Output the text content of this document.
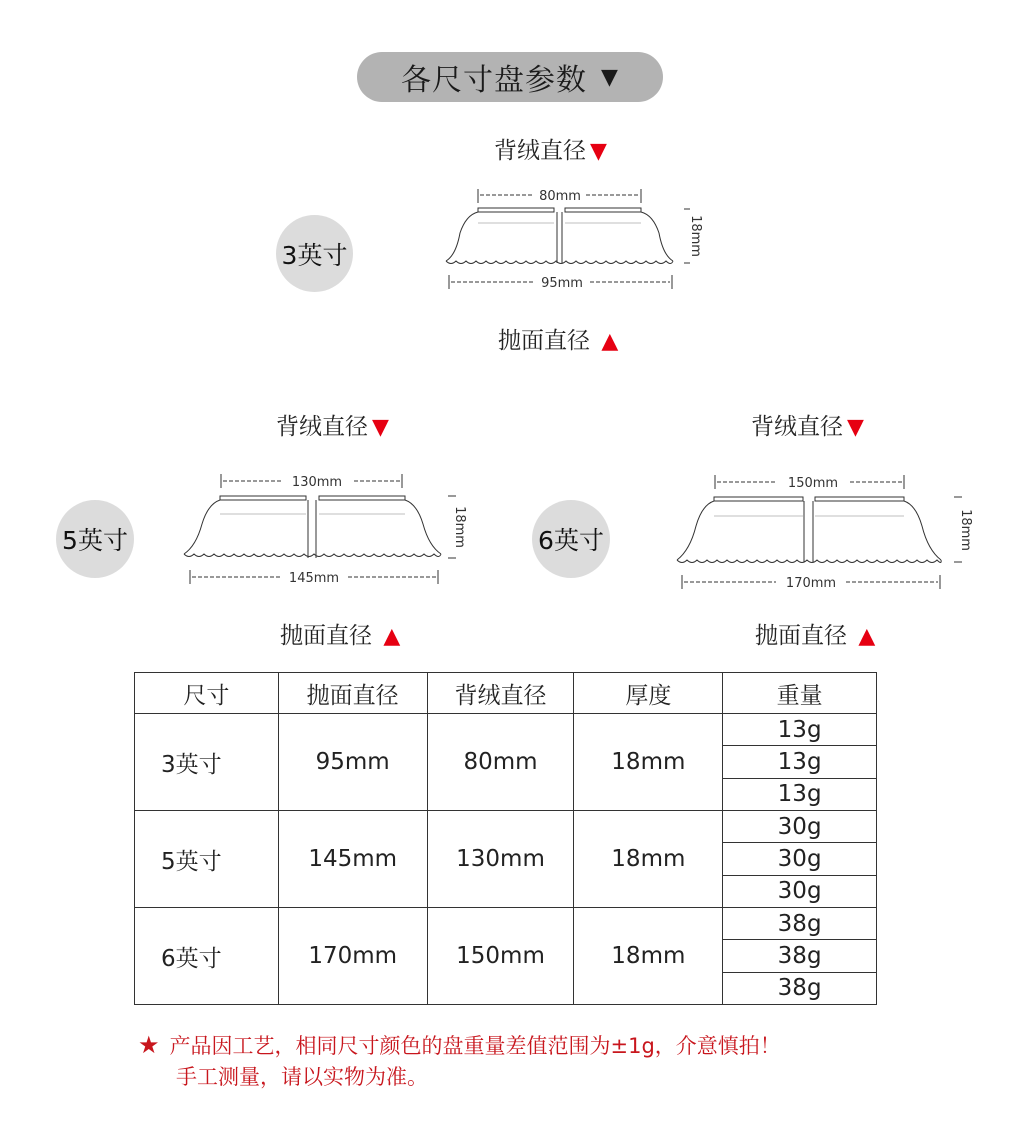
各尺寸盘参数 ▼
背绒直径 ▼
3英寸
80mm
18mm
95mm
抛面直径 ▲
背绒直径 ▼
5英寸
130mm
18mm
145mm
抛面直径 ▲
背绒直径 ▼
6英寸
150mm
18mm
170mm
抛面直径 ▲
尺寸	抛面直径	背绒直径	厚度	重量
3英寸	95mm	80mm	18mm	13g
13g
13g

5英寸	145mm	130mm	18mm	30g
30g
30g

6英寸	170mm	150mm	18mm	38g
38g
38g
★ 产品因工艺，相同尺寸颜色的盘重量差值范围为±1g，介意慎拍！
手工测量，请以实物为准。
